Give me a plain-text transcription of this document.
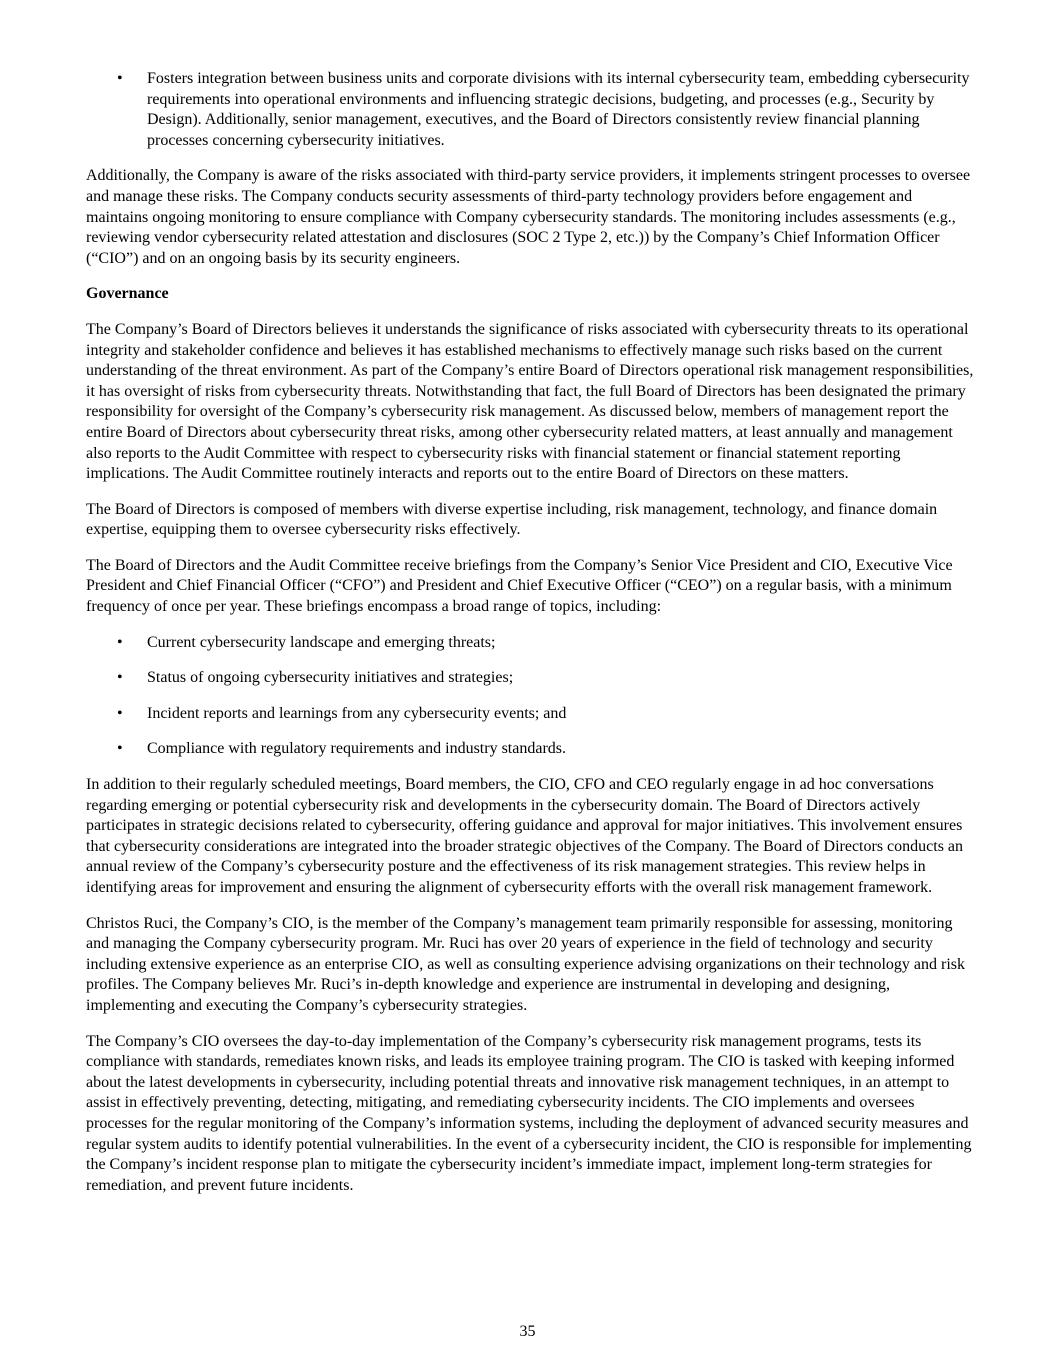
• Fosters integration between business units and corporate divisions with its internal cybersecurity team, embedding cybersecurity requirements into operational environments and influencing strategic decisions, budgeting, and processes (e.g., Security by Design). Additionally, senior management, executives, and the Board of Directors consistently review financial planning processes concerning cybersecurity initiatives.

Additionally, the Company is aware of the risks associated with third-party service providers, it implements stringent processes to oversee and manage these risks. The Company conducts security assessments of third-party technology providers before engagement and maintains ongoing monitoring to ensure compliance with Company cybersecurity standards. The monitoring includes assessments (e.g., reviewing vendor cybersecurity related attestation and disclosures (SOC 2 Type 2, etc.)) by the Company’s Chief Information Officer (“CIO”) and on an ongoing basis by its security engineers.

Governance

The Company’s Board of Directors believes it understands the significance of risks associated with cybersecurity threats to its operational integrity and stakeholder confidence and believes it has established mechanisms to effectively manage such risks based on the current understanding of the threat environment. As part of the Company’s entire Board of Directors operational risk management responsibilities, it has oversight of risks from cybersecurity threats. Notwithstanding that fact, the full Board of Directors has been designated the primary responsibility for oversight of the Company’s cybersecurity risk management. As discussed below, members of management report the entire Board of Directors about cybersecurity threat risks, among other cybersecurity related matters, at least annually and management also reports to the Audit Committee with respect to cybersecurity risks with financial statement or financial statement reporting implications. The Audit Committee routinely interacts and reports out to the entire Board of Directors on these matters.

The Board of Directors is composed of members with diverse expertise including, risk management, technology, and finance domain expertise, equipping them to oversee cybersecurity risks effectively.

The Board of Directors and the Audit Committee receive briefings from the Company’s Senior Vice President and CIO, Executive Vice President and Chief Financial Officer (“CFO”) and President and Chief Executive Officer (“CEO”) on a regular basis, with a minimum frequency of once per year. These briefings encompass a broad range of topics, including:

• Current cybersecurity landscape and emerging threats;
• Status of ongoing cybersecurity initiatives and strategies;
• Incident reports and learnings from any cybersecurity events; and
• Compliance with regulatory requirements and industry standards.

In addition to their regularly scheduled meetings, Board members, the CIO, CFO and CEO regularly engage in ad hoc conversations regarding emerging or potential cybersecurity risk and developments in the cybersecurity domain. The Board of Directors actively participates in strategic decisions related to cybersecurity, offering guidance and approval for major initiatives. This involvement ensures that cybersecurity considerations are integrated into the broader strategic objectives of the Company. The Board of Directors conducts an annual review of the Company’s cybersecurity posture and the effectiveness of its risk management strategies. This review helps in identifying areas for improvement and ensuring the alignment of cybersecurity efforts with the overall risk management framework.

Christos Ruci, the Company’s CIO, is the member of the Company’s management team primarily responsible for assessing, monitoring and managing the Company cybersecurity program. Mr. Ruci has over 20 years of experience in the field of technology and security including extensive experience as an enterprise CIO, as well as consulting experience advising organizations on their technology and risk profiles. The Company believes Mr. Ruci’s in-depth knowledge and experience are instrumental in developing and designing, implementing and executing the Company’s cybersecurity strategies.

The Company’s CIO oversees the day-to-day implementation of the Company’s cybersecurity risk management programs, tests its compliance with standards, remediates known risks, and leads its employee training program. The CIO is tasked with keeping informed about the latest developments in cybersecurity, including potential threats and innovative risk management techniques, in an attempt to assist in effectively preventing, detecting, mitigating, and remediating cybersecurity incidents. The CIO implements and oversees processes for the regular monitoring of the Company’s information systems, including the deployment of advanced security measures and regular system audits to identify potential vulnerabilities. In the event of a cybersecurity incident, the CIO is responsible for implementing the Company’s incident response plan to mitigate the cybersecurity incident’s immediate impact, implement long-term strategies for remediation, and prevent future incidents.

35
